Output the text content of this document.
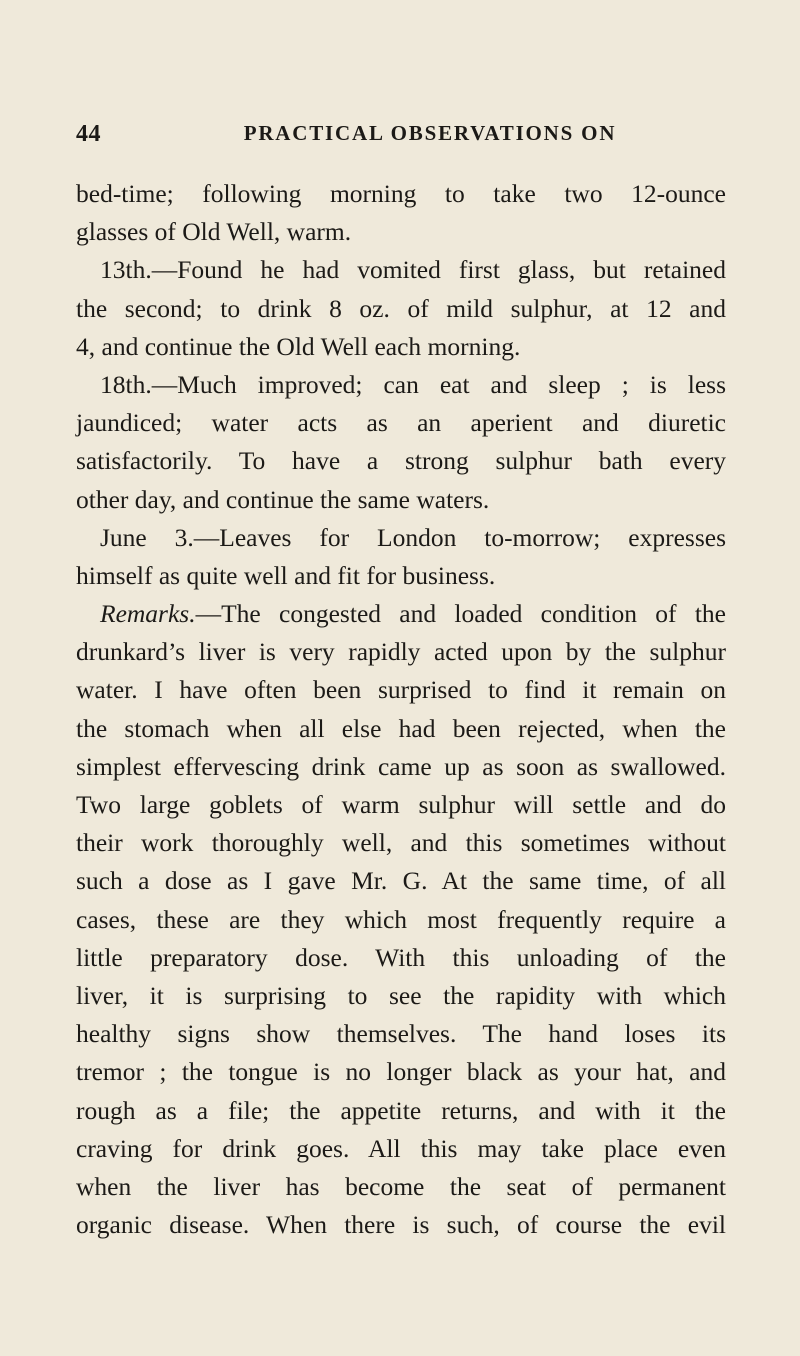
44	PRACTICAL OBSERVATIONS ON
bed-time; following morning to take two 12-ounce
glasses of Old Well, warm.
13th.—Found he had vomited first glass, but retained
the second; to drink 8 oz. of mild sulphur, at 12 and
4, and continue the Old Well each morning.
18th.—Much improved; can eat and sleep ; is less
jaundiced; water acts as an aperient and diuretic
satisfactorily. To have a strong sulphur bath every
other day, and continue the same waters.
June 3.—Leaves for London to-morrow; expresses
himself as quite well and fit for business.
Remarks.—The congested and loaded condition of the
drunkard’s liver is very rapidly acted upon by the sulphur
water. I have often been surprised to find it remain on
the stomach when all else had been rejected, when the
simplest effervescing drink came up as soon as swallowed.
Two large goblets of warm sulphur will settle and do
their work thoroughly well, and this sometimes without
such a dose as I gave Mr. G. At the same time, of all
cases, these are they which most frequently require a
little preparatory dose. With this unloading of the
liver, it is surprising to see the rapidity with which
healthy signs show themselves. The hand loses its
tremor ; the tongue is no longer black as your hat, and
rough as a file; the appetite returns, and with it the
craving for drink goes. All this may take place even
when the liver has become the seat of permanent
organic disease. When there is such, of course the evil
